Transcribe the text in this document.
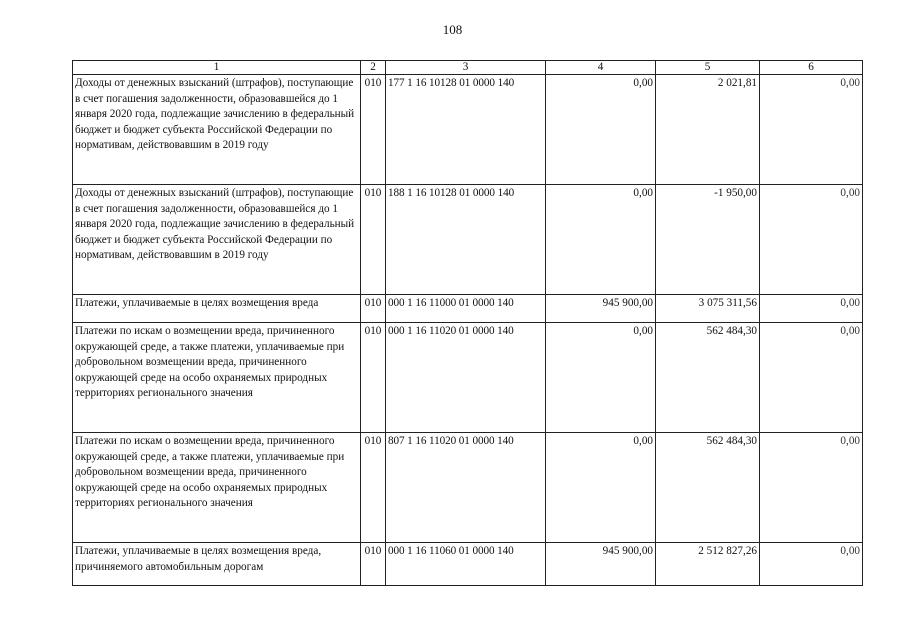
108
1	2	3	4	5	6
Доходы от денежных взысканий (штрафов), поступающие в счет погашения задолженности, образовавшейся до 1 января 2020 года, подлежащие зачислению в федеральный бюджет и бюджет субъекта Российской Федерации по нормативам, действовавшим в 2019 году	010	177 1 16 10128 01 0000 140	0,00	2 021,81	0,00
Доходы от денежных взысканий (штрафов), поступающие в счет погашения задолженности, образовавшейся до 1 января 2020 года, подлежащие зачислению в федеральный бюджет и бюджет субъекта Российской Федерации по нормативам, действовавшим в 2019 году	010	188 1 16 10128 01 0000 140	0,00	-1 950,00	0,00
Платежи, уплачиваемые в целях возмещения вреда	010	000 1 16 11000 01 0000 140	945 900,00	3 075 311,56	0,00
Платежи по искам о возмещении вреда, причиненного окружающей среде, а также платежи, уплачиваемые при добровольном возмещении вреда, причиненного окружающей среде на особо охраняемых природных территориях регионального значения	010	000 1 16 11020 01 0000 140	0,00	562 484,30	0,00
Платежи по искам о возмещении вреда, причиненного окружающей среде, а также платежи, уплачиваемые при добровольном возмещении вреда, причиненного окружающей среде на особо охраняемых природных территориях регионального значения	010	807 1 16 11020 01 0000 140	0,00	562 484,30	0,00
Платежи, уплачиваемые в целях возмещения вреда, причиняемого автомобильным дорогам	010	000 1 16 11060 01 0000 140	945 900,00	2 512 827,26	0,00
